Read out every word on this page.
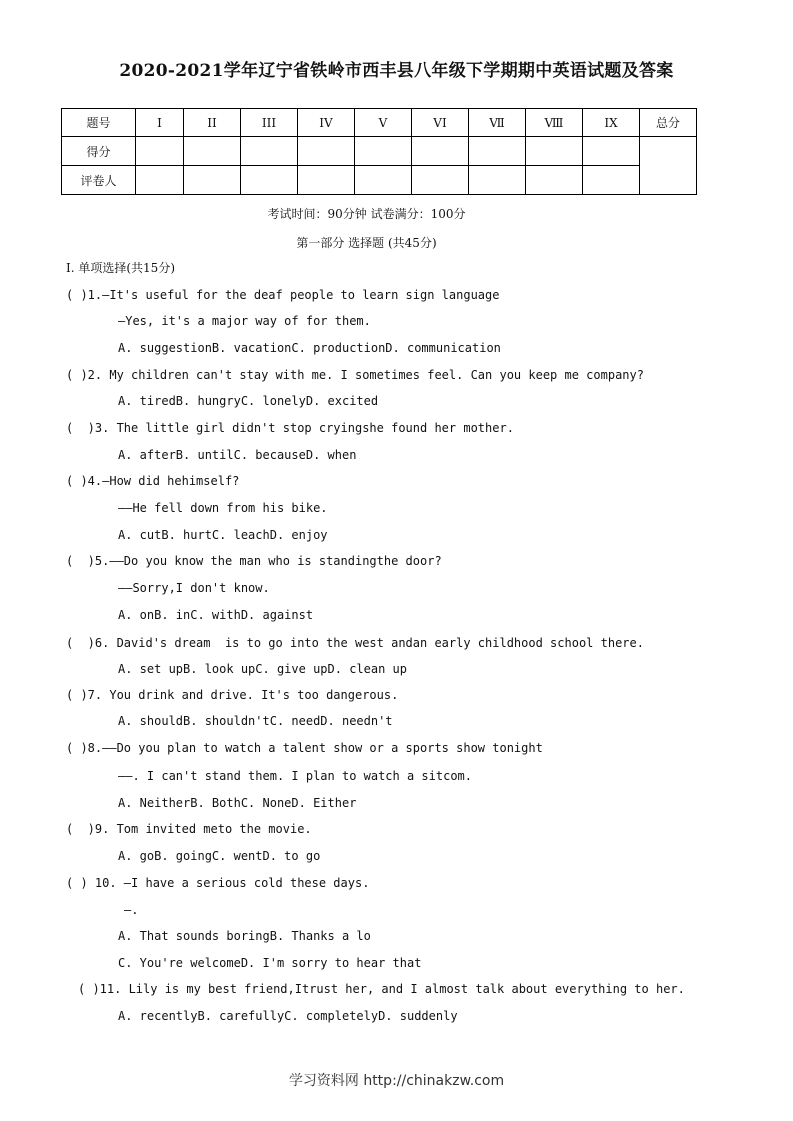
2020-2021学年辽宁省铁岭市西丰县八年级下学期期中英语试题及答案
题号	I	II	III	IV	V	VI	Ⅶ	Ⅷ	IX	总分
得分										
评卷人										
考试时间：90分钟 试卷满分：100分
第一部分 选择题 (共45分)
I. 单项选择(共15分)
( )1.—It's useful for the deaf people to learn sign language
—Yes, it's a major way of for them.
A. suggestionB. vacationC. productionD. communication
( )2. My children can't stay with me. I sometimes feel. Can you keep me company?
A. tiredB. hungryC. lonelyD. excited
(  )3. The little girl didn't stop cryingshe found her mother.
A. afterB. untilC. becauseD. when
( )4.—How did hehimself?
——He fell down from his bike.
A. cutB. hurtC. leachD. enjoy
(  )5.——Do you know the man who is standingthe door?
——Sorry,I don't know.
A. onB. inC. withD. against
(  )6. David's dream  is to go into the west andan early childhood school there.
A. set upB. look upC. give upD. clean up
( )7. You drink and drive. It's too dangerous.
A. shouldB. shouldn'tC. needD. needn't
( )8.——Do you plan to watch a talent show or a sports show tonight
——. I can't stand them. I plan to watch a sitcom.
A. NeitherB. BothC. NoneD. Either
(  )9. Tom invited meto the movie.
A. goB. goingC. wentD. to go
( ) 10. —I have a serious cold these days.
—.
A. That sounds boringB. Thanks a lo
C. You're welcomeD. I'm sorry to hear that
( )11. Lily is my best friend,Itrust her, and I almost talk about everything to her.
A. recentlyB. carefullyC. completelyD. suddenly
学习资料网 http://chinakzw.com
